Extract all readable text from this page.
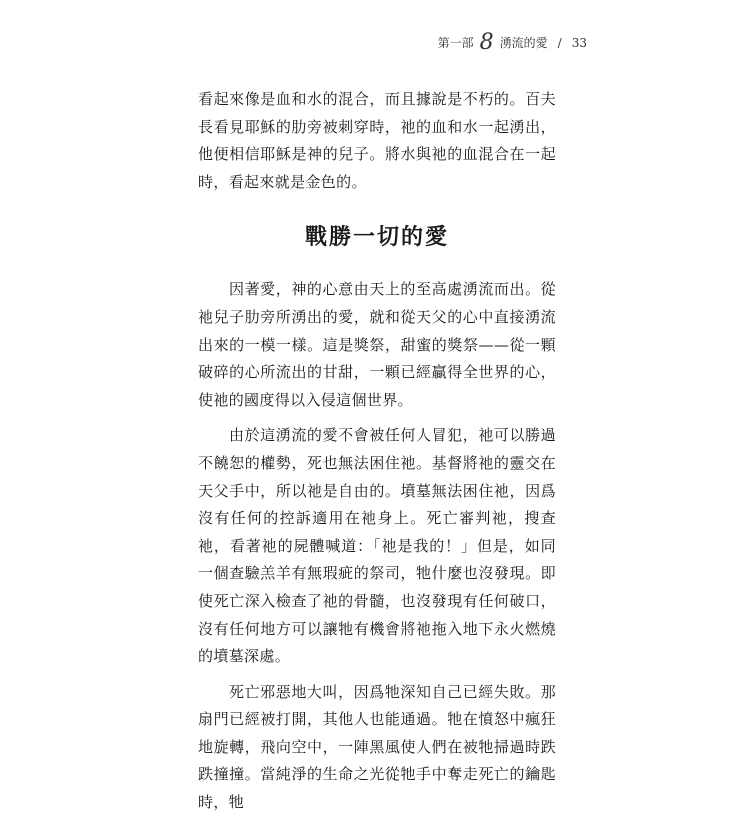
第一部 8 湧流的愛 / 33

看起來像是血和水的混合，而且據說是不朽的。百夫長看見耶穌的肋旁被刺穿時，祂的血和水一起湧出，他便相信耶穌是神的兒子。將水與祂的血混合在一起時，看起來就是金色的。

戰勝一切的愛

因著愛，神的心意由天上的至高處湧流而出。從祂兒子肋旁所湧出的愛，就和從天父的心中直接湧流出來的一模一樣。這是獎祭，甜蜜的獎祭——從一顆破碎的心所流出的甘甜，一顆已經贏得全世界的心，使祂的國度得以入侵這個世界。

由於這湧流的愛不會被任何人冒犯，祂可以勝過不饒恕的權勢，死也無法困住祂。基督將祂的靈交在天父手中，所以祂是自由的。墳墓無法困住祂，因爲沒有任何的控訴適用在祂身上。死亡審判祂，搜查祂，看著祂的屍體喊道：「祂是我的！」但是，如同一個查驗羔羊有無瑕疵的祭司，牠什麼也沒發現。即使死亡深入檢查了祂的骨髓，也沒發現有任何破口，沒有任何地方可以讓牠有機會將祂拖入地下永火燃燒的墳墓深處。

死亡邪惡地大叫，因爲牠深知自己已經失敗。那扇門已經被打開，其他人也能通過。牠在憤怒中瘋狂地旋轉，飛向空中，一陣黑風使人們在被牠掃過時跌跌撞撞。當純淨的生命之光從牠手中奪走死亡的鑰匙時，牠
